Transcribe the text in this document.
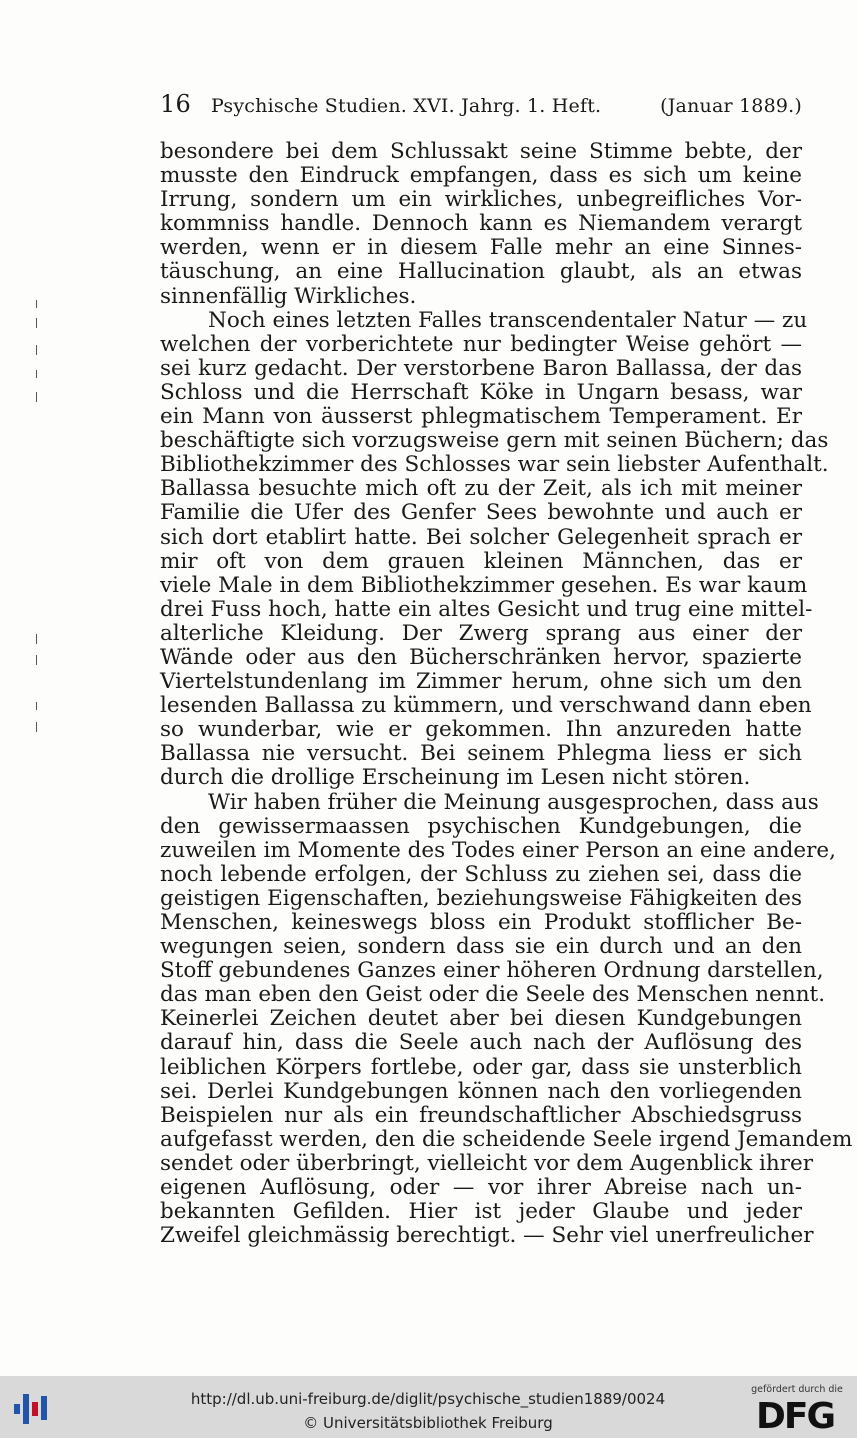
16 Psychische Studien. XVI. Jahrg. 1. Heft.	(Januar 1889.)
besondere bei dem Schlussakt seine Stimme bebte, der
musste den Eindruck empfangen, dass es sich um keine
Irrung, sondern um ein wirkliches, unbegreifliches Vor-
kommniss handle. Dennoch kann es Niemandem verargt
werden, wenn er in diesem Falle mehr an eine Sinnes-
täuschung, an eine Hallucination glaubt, als an etwas
sinnenfällig Wirkliches.
Noch eines letzten Falles transcendentaler Natur — zu
welchen der vorberichtete nur bedingter Weise gehört —
sei kurz gedacht. Der verstorbene Baron Ballassa, der das
Schloss und die Herrschaft Köke in Ungarn besass, war
ein Mann von äusserst phlegmatischem Temperament. Er
beschäftigte sich vorzugsweise gern mit seinen Büchern; das
Bibliothekzimmer des Schlosses war sein liebster Aufenthalt.
Ballassa besuchte mich oft zu der Zeit, als ich mit meiner
Familie die Ufer des Genfer Sees bewohnte und auch er
sich dort etablirt hatte. Bei solcher Gelegenheit sprach er
mir oft von dem grauen kleinen Männchen, das er
viele Male in dem Bibliothekzimmer gesehen. Es war kaum
drei Fuss hoch, hatte ein altes Gesicht und trug eine mittel-
alterliche Kleidung. Der Zwerg sprang aus einer der
Wände oder aus den Bücherschränken hervor, spazierte
Viertelstundenlang im Zimmer herum, ohne sich um den
lesenden Ballassa zu kümmern, und verschwand dann eben
so wunderbar, wie er gekommen. Ihn anzureden hatte
Ballassa nie versucht. Bei seinem Phlegma liess er sich
durch die drollige Erscheinung im Lesen nicht stören.
Wir haben früher die Meinung ausgesprochen, dass aus
den gewissermaassen psychischen Kundgebungen, die
zuweilen im Momente des Todes einer Person an eine andere,
noch lebende erfolgen, der Schluss zu ziehen sei, dass die
geistigen Eigenschaften, beziehungsweise Fähigkeiten des
Menschen, keineswegs bloss ein Produkt stofflicher Be-
wegungen seien, sondern dass sie ein durch und an den
Stoff gebundenes Ganzes einer höheren Ordnung darstellen,
das man eben den Geist oder die Seele des Menschen nennt.
Keinerlei Zeichen deutet aber bei diesen Kundgebungen
darauf hin, dass die Seele auch nach der Auflösung des
leiblichen Körpers fortlebe, oder gar, dass sie unsterblich
sei. Derlei Kundgebungen können nach den vorliegenden
Beispielen nur als ein freundschaftlicher Abschiedsgruss
aufgefasst werden, den die scheidende Seele irgend Jemandem
sendet oder überbringt, vielleicht vor dem Augenblick ihrer
eigenen Auflösung, oder — vor ihrer Abreise nach un-
bekannten Gefilden. Hier ist jeder Glaube und jeder
Zweifel gleichmässig berechtigt. — Sehr viel unerfreulicher
http://dl.ub.uni-freiburg.de/diglit/psychische_studien1889/0024
© Universitätsbibliothek Freiburg
gefördert durch die
DFG
